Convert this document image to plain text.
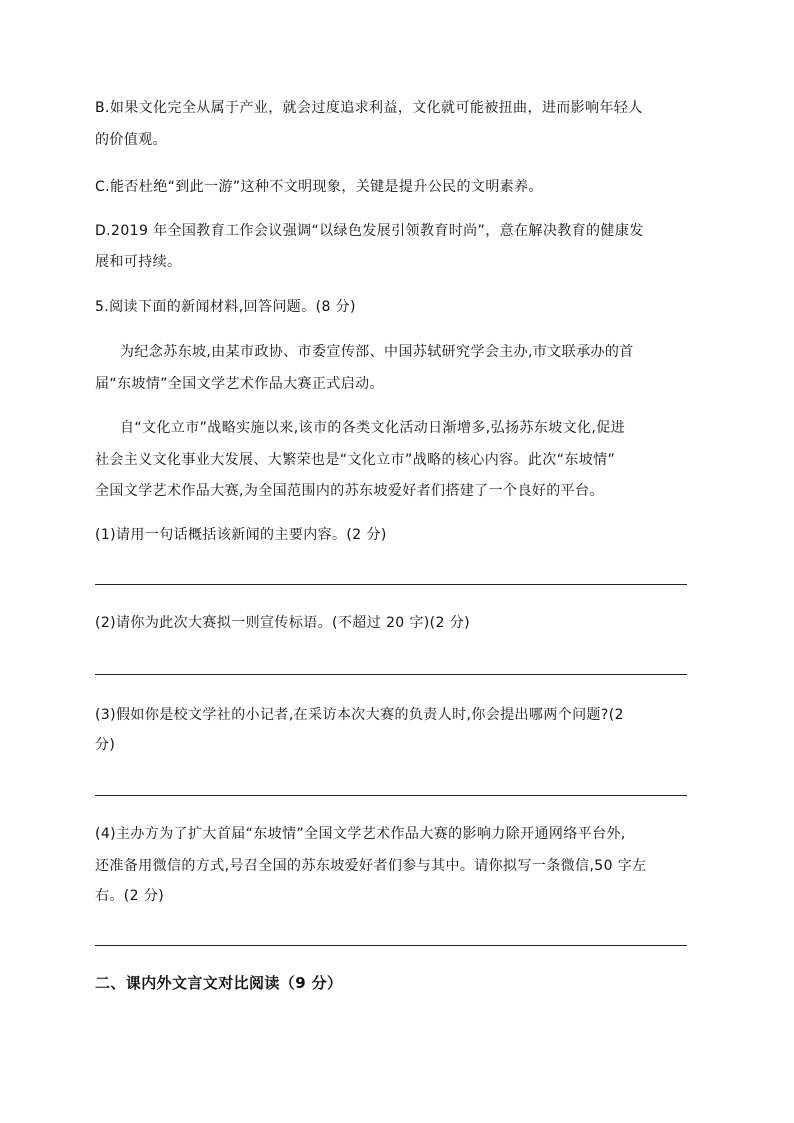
B.如果文化完全从属于产业，就会过度追求利益，文化就可能被扭曲，进而影响年轻人
的价值观。
C.能否杜绝“到此一游”这种不文明现象，关键是提升公民的文明素养。
D.2019 年全国教育工作会议强调“以绿色发展引领教育时尚”，意在解决教育的健康发
展和可持续。
5.阅读下面的新闻材料,回答问题。(8 分)
为纪念苏东坡,由某市政协、市委宣传部、中国苏轼研究学会主办,市文联承办的首
届“东坡情”全国文学艺术作品大赛正式启动。
自“文化立市”战略实施以来,该市的各类文化活动日渐增多,弘扬苏东坡文化,促进
社会主义文化事业大发展、大繁荣也是“文化立市”战略的核心内容。此次“东坡情”
全国文学艺术作品大赛,为全国范围内的苏东坡爱好者们搭建了一个良好的平台。
(1)请用一句话概括该新闻的主要内容。(2 分)
(2)请你为此次大赛拟一则宣传标语。(不超过 20 字)(2 分)
(3)假如你是校文学社的小记者,在采访本次大赛的负责人时,你会提出哪两个问题?(2
分)
(4)主办方为了扩大首届“东坡情”全国文学艺术作品大赛的影响力除开通网络平台外,
还准备用微信的方式,号召全国的苏东坡爱好者们参与其中。请你拟写一条微信,50 字左
右。(2 分)
二、课内外文言文对比阅读（9 分）
